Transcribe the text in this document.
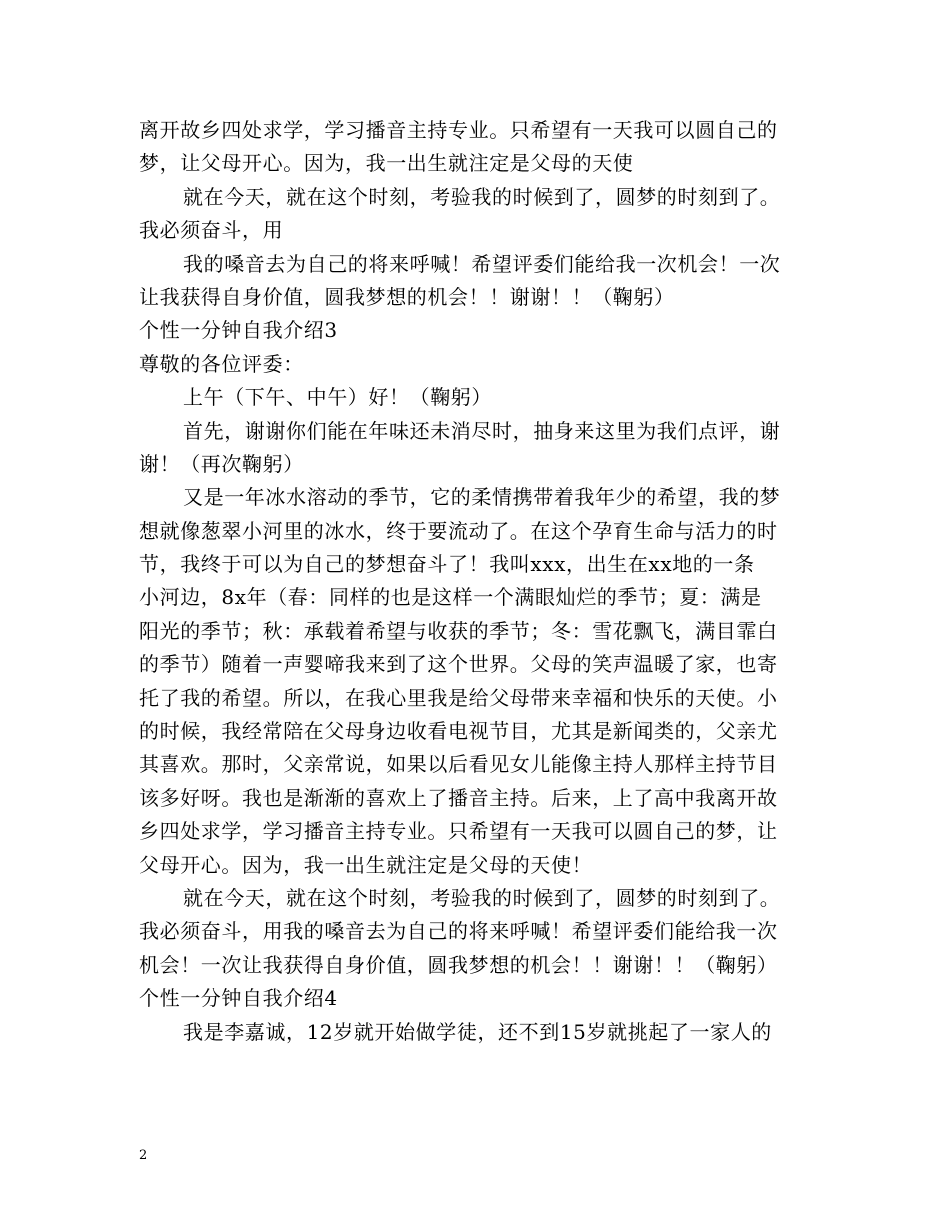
离开故乡四处求学，学习播音主持专业。只希望有一天我可以圆自己的
梦，让父母开心。因为，我一出生就注定是父母的天使
就在今天，就在这个时刻，考验我的时候到了，圆梦的时刻到了。
我必须奋斗，用
我的嗓音去为自己的将来呼喊！希望评委们能给我一次机会！一次
让我获得自身价值，圆我梦想的机会！！谢谢！！（鞠躬）
个性一分钟自我介绍3
尊敬的各位评委：
上午（下午、中午）好！（鞠躬）
首先，谢谢你们能在年味还未消尽时，抽身来这里为我们点评，谢
谢！（再次鞠躬）
又是一年冰水溶动的季节，它的柔情携带着我年少的希望，我的梦
想就像葱翠小河里的冰水，终于要流动了。在这个孕育生命与活力的时
节，我终于可以为自己的梦想奋斗了！我叫xxx，出生在xx地的一条
小河边，8x年（春：同样的也是这样一个满眼灿烂的季节；夏：满是
阳光的季节；秋：承载着希望与收获的季节；冬：雪花飘飞，满目霏白
的季节）随着一声婴啼我来到了这个世界。父母的笑声温暖了家，也寄
托了我的希望。所以，在我心里我是给父母带来幸福和快乐的天使。小
的时候，我经常陪在父母身边收看电视节目，尤其是新闻类的，父亲尤
其喜欢。那时，父亲常说，如果以后看见女儿能像主持人那样主持节目
该多好呀。我也是渐渐的喜欢上了播音主持。后来，上了高中我离开故
乡四处求学，学习播音主持专业。只希望有一天我可以圆自己的梦，让
父母开心。因为，我一出生就注定是父母的天使！
就在今天，就在这个时刻，考验我的时候到了，圆梦的时刻到了。
我必须奋斗，用我的嗓音去为自己的将来呼喊！希望评委们能给我一次
机会！一次让我获得自身价值，圆我梦想的机会！！谢谢！！（鞠躬）
个性一分钟自我介绍4
我是李嘉诚，12岁就开始做学徒，还不到15岁就挑起了一家人的
2
